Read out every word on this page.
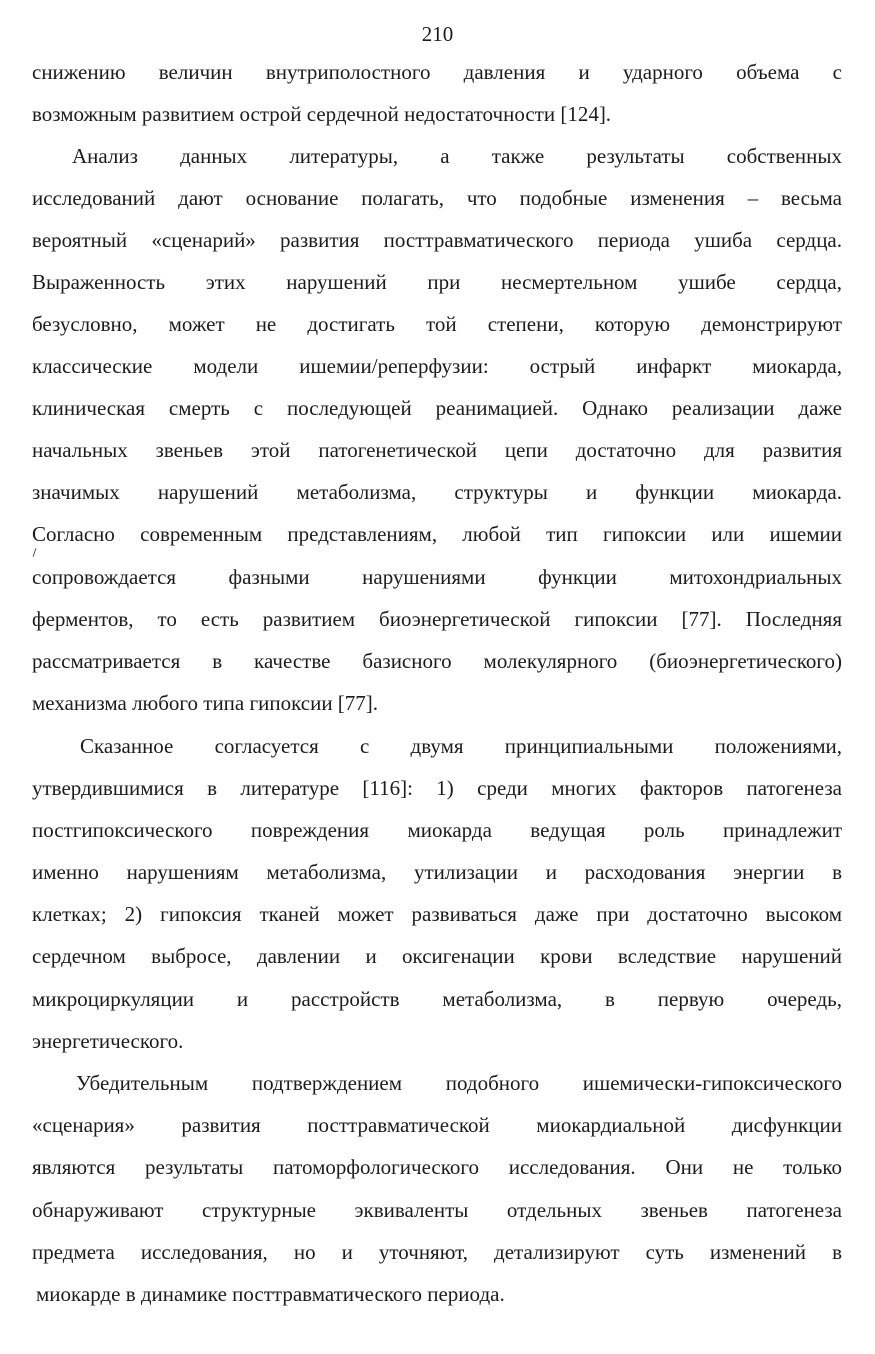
210
снижению величин внутриполостного давления и ударного объема с
возможным развитием острой сердечной недостаточности [124].
Анализ данных литературы, а также результаты собственных
исследований дают основание полагать, что подобные изменения – весьма
вероятный «сценарий» развития посттравматического периода ушиба сердца.
Выраженность этих нарушений при несмертельном ушибе сердца,
безусловно, может не достигать той степени, которую демонстрируют
классические модели ишемии/реперфузии: острый инфаркт миокарда,
клиническая смерть с последующей реанимацией. Однако реализации даже
начальных звеньев этой патогенетической цепи достаточно для развития
значимых нарушений метаболизма, структуры и функции миокарда.
Согласно современным представлениям, любой тип гипоксии или ишемии
сопровождается фазными нарушениями функции митохондриальных
ферментов, то есть развитием биоэнергетической гипоксии [77]. Последняя
рассматривается в качестве базисного молекулярного (биоэнергетического)
механизма любого типа гипоксии [77].
Сказанное согласуется с двумя принципиальными положениями,
утвердившимися в литературе [116]: 1) среди многих факторов патогенеза
постгипоксического повреждения миокарда ведущая роль принадлежит
именно нарушениям метаболизма, утилизации и расходования энергии в
клетках; 2) гипоксия тканей может развиваться даже при достаточно высоком
сердечном выбросе, давлении и оксигенации крови вследствие нарушений
микроциркуляции и расстройств метаболизма, в первую очередь,
энергетического.
Убедительным подтверждением подобного ишемически-гипоксического
«сценария» развития посттравматической миокардиальной дисфункции
являются результаты патоморфологического исследования. Они не только
обнаруживают структурные эквиваленты отдельных звеньев патогенеза
предмета исследования, но и уточняют, детализируют суть изменений в
миокарде в динамике посттравматического периода.
